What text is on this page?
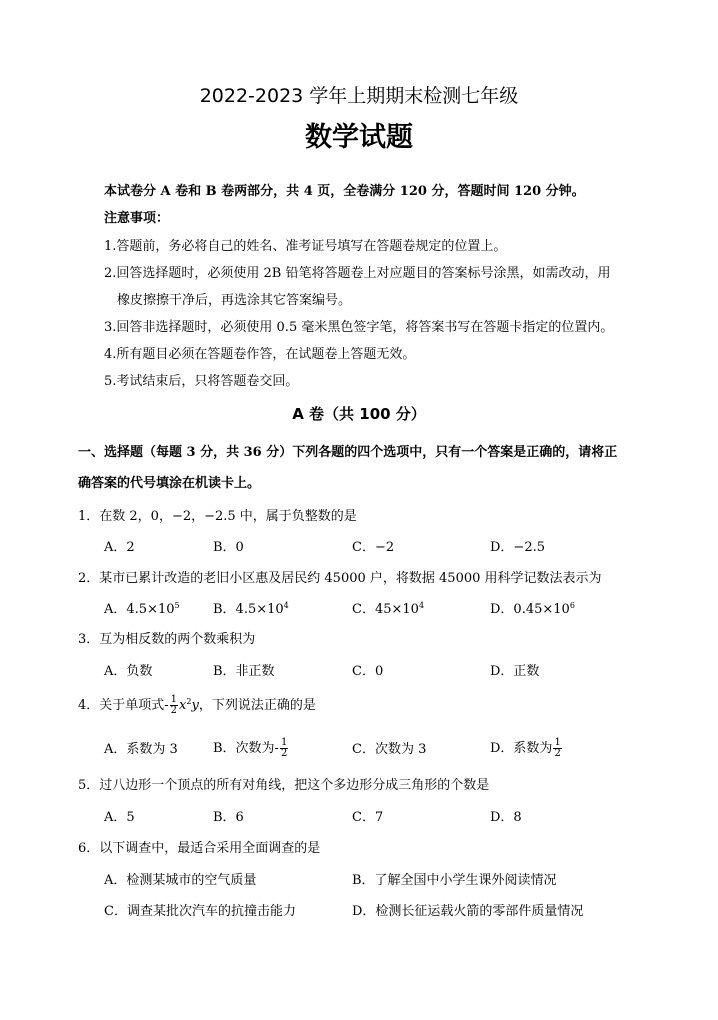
2022-2023 学年上期期末检测七年级
数学试题
本试卷分 A 卷和 B 卷两部分，共 4 页，全卷满分 120 分，答题时间 120 分钟。
注意事项：
1.答题前，务必将自己的姓名、准考证号填写在答题卷规定的位置上。
2.回答选择题时，必须使用 2B 铅笔将答题卷上对应题目的答案标号涂黑，如需改动，用
橡皮擦擦干净后，再选涂其它答案编号。
3.回答非选择题时，必须使用 0.5 毫米黑色签字笔，将答案书写在答题卡指定的位置内。
4.所有题目必须在答题卷作答，在试题卷上答题无效。
5.考试结束后，只将答题卷交回。
A 卷（共 100 分）
一、选择题（每题 3 分，共 36 分）下列各题的四个选项中，只有一个答案是正确的，请将正
确答案的代号填涂在机读卡上。
1．在数 2，0，−2，−2.5 中，属于负整数的是
A．2	B．0	C．−2	D．−2.5
2．某市已累计改造的老旧小区惠及居民约 45000 户，将数据 45000 用科学记数法表示为
A．$4.5\times 10^5$	B．$4.5\times 10^4$	C．$45\times 10^4$	D．$0.45\times 10^6$
3．互为相反数的两个数乘积为
A．负数	B．非正数	C．0	D．正数
4．关于单项式- $\frac{1}{2} x^2y$，下列说法正确的是
A．系数为 3	B．次数为- $\frac{1}{2}$	C．次数为 3	D．系数为 $\frac{1}{2}$
5．过八边形一个顶点的所有对角线，把这个多边形分成三角形的个数是
A．5	B．6	C．7	D．8
6．以下调查中，最适合采用全面调查的是
A．检测某城市的空气质量	B．了解全国中小学生课外阅读情况
C．调查某批次汽车的抗撞击能力	D．检测长征运载火箭的零部件质量情况
